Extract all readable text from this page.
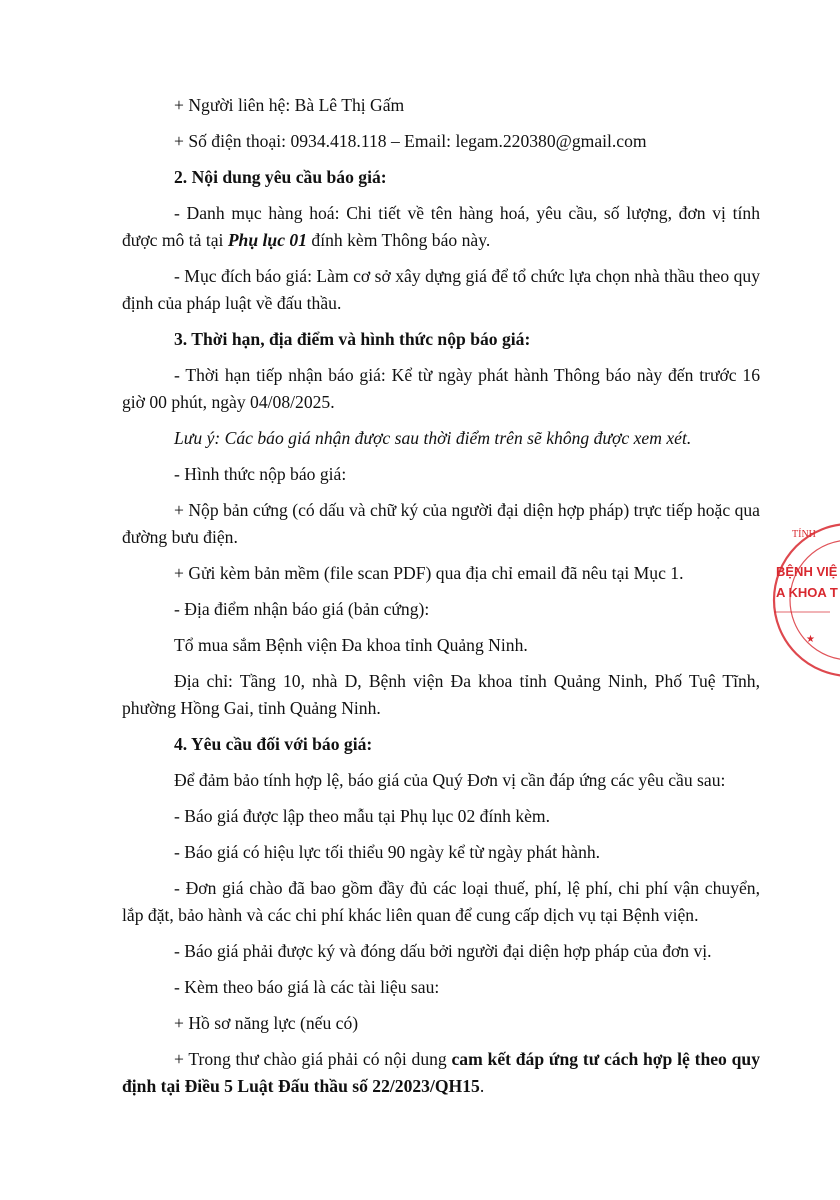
+ Người liên hệ: Bà Lê Thị Gấm

+ Số điện thoại: 0934.418.118 – Email: legam.220380@gmail.com

2. Nội dung yêu cầu báo giá:

- Danh mục hàng hoá: Chi tiết về tên hàng hoá, yêu cầu, số lượng, đơn vị tính được mô tả tại Phụ lục 01 đính kèm Thông báo này.

- Mục đích báo giá: Làm cơ sở xây dựng giá để tổ chức lựa chọn nhà thầu theo quy định của pháp luật về đấu thầu.

3. Thời hạn, địa điểm và hình thức nộp báo giá:

- Thời hạn tiếp nhận báo giá: Kể từ ngày phát hành Thông báo này đến trước 16 giờ 00 phút, ngày 04/08/2025.

Lưu ý: Các báo giá nhận được sau thời điểm trên sẽ không được xem xét.

- Hình thức nộp báo giá:

+ Nộp bản cứng (có dấu và chữ ký của người đại diện hợp pháp) trực tiếp hoặc qua đường bưu điện.

+ Gửi kèm bản mềm (file scan PDF) qua địa chỉ email đã nêu tại Mục 1.

- Địa điểm nhận báo giá (bản cứng):

Tổ mua sắm Bệnh viện Đa khoa tỉnh Quảng Ninh.

Địa chỉ: Tầng 10, nhà D, Bệnh viện Đa khoa tỉnh Quảng Ninh, Phố Tuệ Tĩnh, phường Hồng Gai, tỉnh Quảng Ninh.

4. Yêu cầu đối với báo giá:

Để đảm bảo tính hợp lệ, báo giá của Quý Đơn vị cần đáp ứng các yêu cầu sau:

- Báo giá được lập theo mẫu tại Phụ lục 02 đính kèm.

- Báo giá có hiệu lực tối thiểu 90 ngày kể từ ngày phát hành.

- Đơn giá chào đã bao gồm đầy đủ các loại thuế, phí, lệ phí, chi phí vận chuyển, lắp đặt, bảo hành và các chi phí khác liên quan để cung cấp dịch vụ tại Bệnh viện.

- Báo giá phải được ký và đóng dấu bởi người đại diện hợp pháp của đơn vị.

- Kèm theo báo giá là các tài liệu sau:

+ Hồ sơ năng lực (nếu có)

+ Trong thư chào giá phải có nội dung cam kết đáp ứng tư cách hợp lệ theo quy định tại Điều 5 Luật Đấu thầu số 22/2023/QH15.

TỈNH
BỆNH VIỆ
A KHOA T
★
